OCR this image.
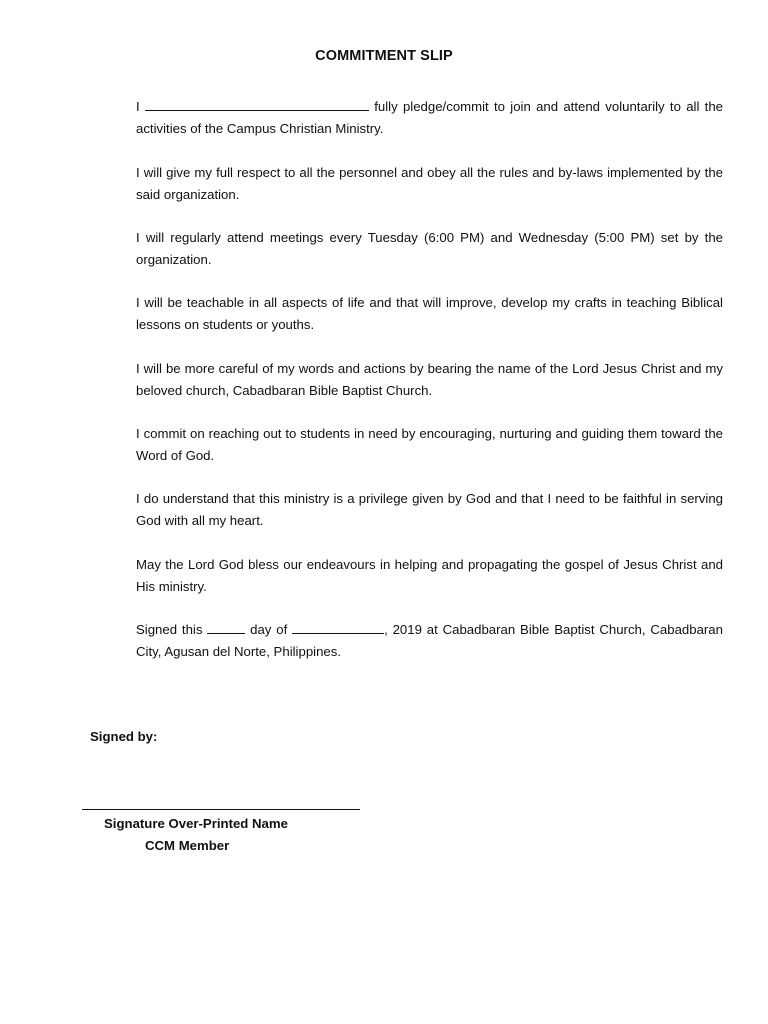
COMMITMENT SLIP

I	fully pledge/commit to join and attend voluntarily to all the activities of the Campus Christian Ministry.

I will give my full respect to all the personnel and obey all the rules and by-laws implemented by the said organization.

I will regularly attend meetings every Tuesday (6:00 PM) and Wednesday (5:00 PM) set by the organization.

I will be teachable in all aspects of life and that will improve, develop my crafts in teaching Biblical lessons on students or youths.

I will be more careful of my words and actions by bearing the name of the Lord Jesus Christ and my beloved church, Cabadbaran Bible Baptist Church.

I commit on reaching out to students in need by encouraging, nurturing and guiding them toward the Word of God.

I do understand that this ministry is a privilege given by God and that I need to be faithful in serving God with all my heart.

May the Lord God bless our endeavours in helping and propagating the gospel of Jesus Christ and His ministry.

Signed this	day of	, 2019 at Cabadbaran Bible Baptist Church, Cabadbaran City, Agusan del Norte, Philippines.

Signed by:
Signature Over-Printed Name
CCM Member
